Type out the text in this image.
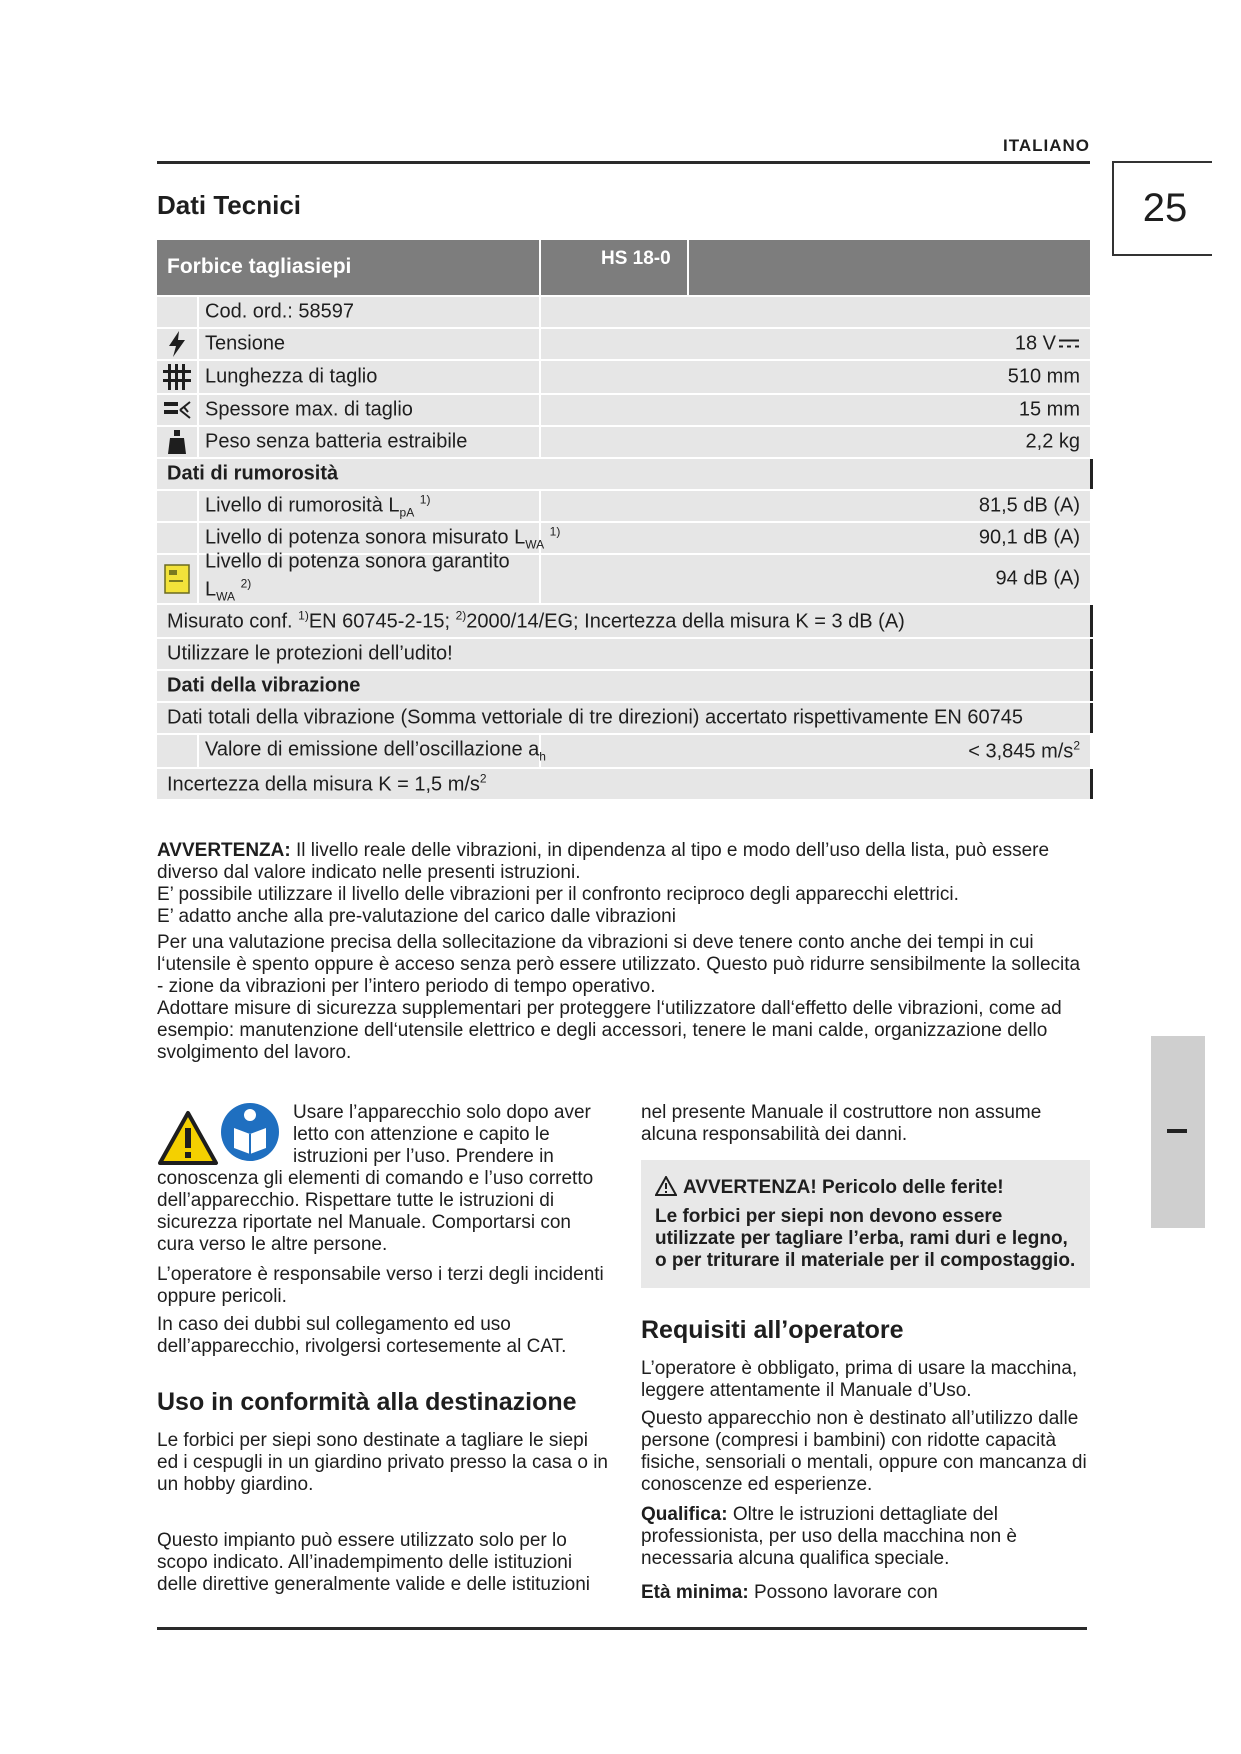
ITALIANO
25
Dati Tecnici
Forbice tagliasiepi	HS 18-0
Cod. ord.: 58597
Tensione	18 V
Lunghezza di taglio	510 mm
Spessore max. di taglio	15 mm
Peso senza batteria estraibile	2,2 kg
Dati di rumorosità
Livello di rumorosità $L_{pA}$ $^{1)}$	81,5 dB (A)
Livello di potenza sonora misurato $L_{WA}$ $^{1)}$	90,1 dB (A)
Livello di potenza sonora garantito
$L_{WA}$ $^{2)}$	94 dB (A)
Misurato conf. $^{1)}$EN 60745-2-15; $^{2)}$2000/14/EG; Incertezza della misura K = 3 dB (A)
Utilizzare le protezioni dell’udito!
Dati della vibrazione
Dati totali della vibrazione (Somma vettoriale di tre direzioni) accertato rispettivamente EN 60745
Valore di emissione dell’oscillazione $a_h$	< 3,845 $m/s^2$
Incertezza della misura K = 1,5 $m/s^2$
AVVERTENZA: Il livello reale delle vibrazioni, in dipendenza al tipo e modo dell’uso della lista, può essere diverso dal valore indicato nelle presenti istruzioni.
E’ possibile utilizzare il livello delle vibrazioni per il confronto reciproco degli apparecchi elettrici.
E’ adatto anche alla pre-valutazione del carico dalle vibrazioni
Per una valutazione precisa della sollecitazione da vibrazioni si deve tenere conto anche dei tempi in cui l‘utensile è spento oppure è acceso senza però essere utilizzato. Questo può ridurre sensibilmente la sollecita - zione da vibrazioni per l’intero periodo di tempo operativo.
Adottare misure di sicurezza supplementari per proteggere l‘utilizzatore dall‘effetto delle vibrazioni, come ad esempio: manutenzione dell‘utensile elettrico e degli accessori, tenere le mani calde, organizzazione dello svolgimento del lavoro.
Usare l’apparecchio solo dopo aver letto con attenzione e capito le istruzioni per l’uso. Prendere in
conoscenza gli elementi di comando e l’uso corretto dell’apparecchio. Rispettare tutte le istruzioni di sicurezza riportate nel Manuale. Comportarsi con cura verso le altre persone.
L’operatore è responsabile verso i terzi degli incidenti oppure pericoli.
In caso dei dubbi sul collegamento ed uso dell’apparecchio, rivolgersi cortesemente al CAT.
Uso in conformità alla destinazione
Le forbici per siepi sono destinate a tagliare le siepi ed i cespugli in un giardino privato presso la casa o in un hobby giardino.
Questo impianto può essere utilizzato solo per lo scopo indicato. All’inadempimento delle istituzioni delle direttive generalmente valide e delle istituzioni
nel presente Manuale il costruttore non assume alcuna responsabilità dei danni.
AVVERTENZA! Pericolo delle ferite!
Le forbici per siepi non devono essere utilizzate per tagliare l’erba, rami duri e legno, o per triturare il materiale per il compostaggio.
Requisiti all’operatore
L’operatore è obbligato, prima di usare la macchina, leggere attentamente il Manuale d’Uso.
Questo apparecchio non è destinato all’utilizzo dalle persone (compresi i bambini) con ridotte capacità fisiche, sensoriali o mentali, oppure con mancanza di conoscenze ed esperienze.
Qualifica: Oltre le istruzioni dettagliate del professionista, per uso della macchina non è necessaria alcuna qualifica speciale.
Età minima: Possono lavorare con
